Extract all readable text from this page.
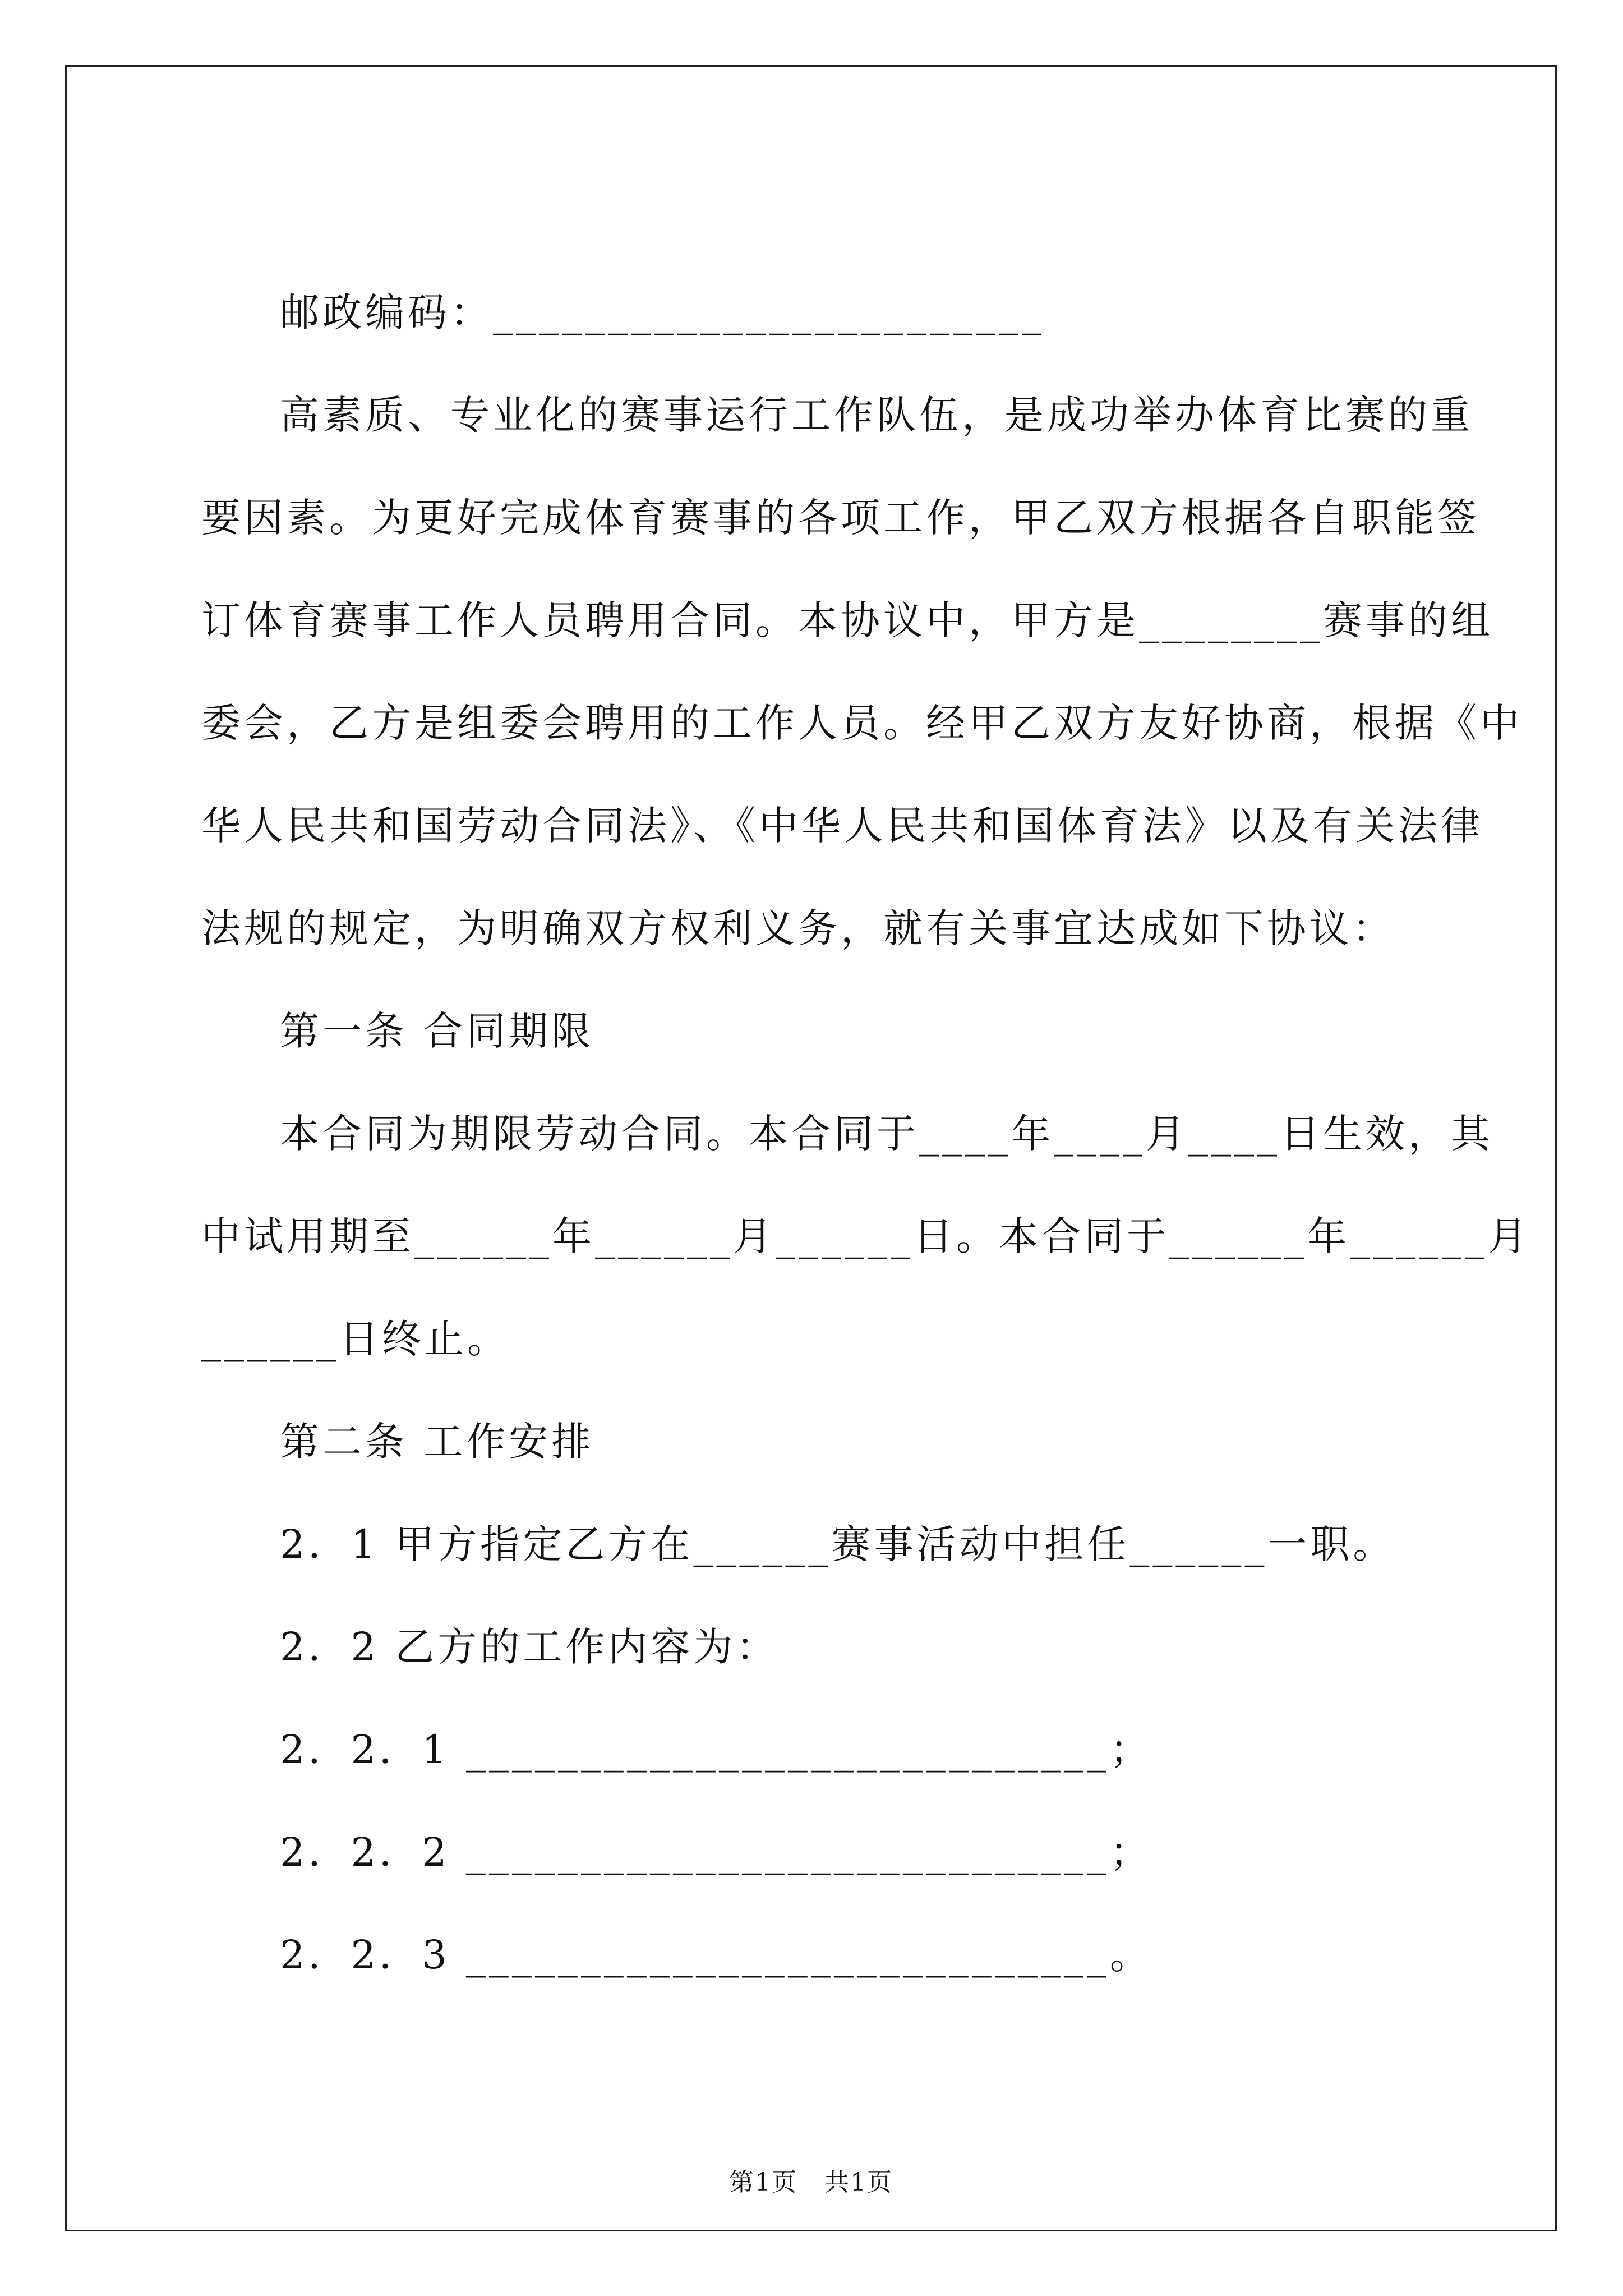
邮政编码：________________________
高素质、专业化的赛事运行工作队伍，是成功举办体育比赛的重
要因素。为更好完成体育赛事的各项工作，甲乙双方根据各自职能签
订体育赛事工作人员聘用合同。本协议中，甲方是________赛事的组
委会，乙方是组委会聘用的工作人员。经甲乙双方友好协商，根据《中
华人民共和国劳动合同法》、《中华人民共和国体育法》以及有关法律
法规的规定，为明确双方权利义务，就有关事宜达成如下协议：
第一条 合同期限
本合同为期限劳动合同。本合同于____年____月____日生效，其
中试用期至______年______月______日。本合同于______年______月
______日终止。
第二条 工作安排
2．1 甲方指定乙方在______赛事活动中担任______一职。
2．2 乙方的工作内容为：
2．2．1 ____________________________；
2．2．2 ____________________________；
2．2．3 ____________________________。
第1页   共1页
